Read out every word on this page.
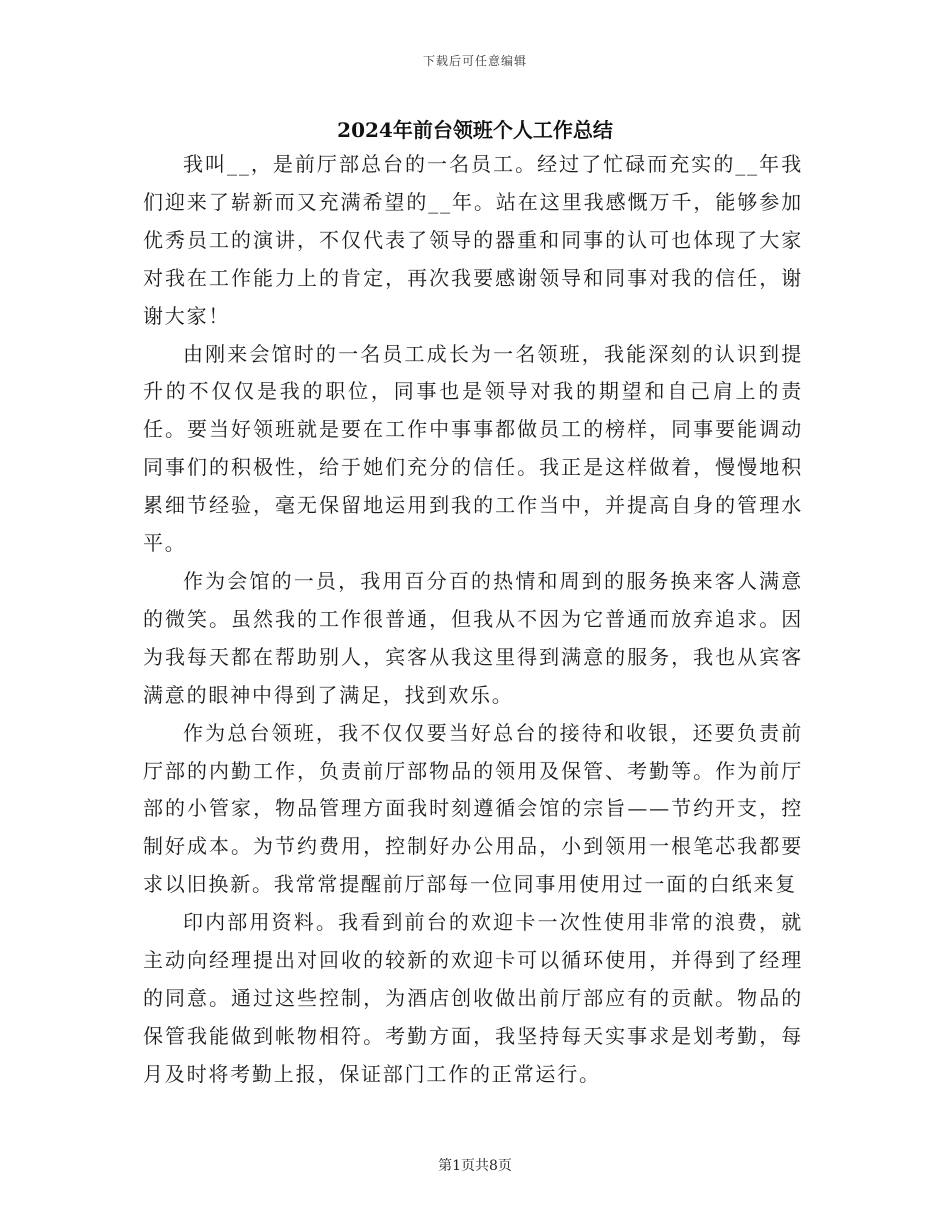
下载后可任意编辑
2024年前台领班个人工作总结

我叫__，是前厅部总台的一名员工。经过了忙碌而充实的__年我们迎来了崭新而又充满希望的__年。站在这里我感慨万千，能够参加优秀员工的演讲，不仅代表了领导的器重和同事的认可也体现了大家对我在工作能力上的肯定，再次我要感谢领导和同事对我的信任，谢谢大家！

由刚来会馆时的一名员工成长为一名领班，我能深刻的认识到提升的不仅仅是我的职位，同事也是领导对我的期望和自己肩上的责任。要当好领班就是要在工作中事事都做员工的榜样，同事要能调动同事们的积极性，给于她们充分的信任。我正是这样做着，慢慢地积累细节经验，毫无保留地运用到我的工作当中，并提高自身的管理水平。

作为会馆的一员，我用百分百的热情和周到的服务换来客人满意的微笑。虽然我的工作很普通，但我从不因为它普通而放弃追求。因为我每天都在帮助别人，宾客从我这里得到满意的服务，我也从宾客满意的眼神中得到了满足，找到欢乐。

作为总台领班，我不仅仅要当好总台的接待和收银，还要负责前厅部的内勤工作，负责前厅部物品的领用及保管、考勤等。作为前厅部的小管家，物品管理方面我时刻遵循会馆的宗旨——节约开支，控制好成本。为节约费用，控制好办公用品，小到领用一根笔芯我都要求以旧换新。我常常提醒前厅部每一位同事用使用过一面的白纸来复

印内部用资料。我看到前台的欢迎卡一次性使用非常的浪费，就主动向经理提出对回收的较新的欢迎卡可以循环使用，并得到了经理的同意。通过这些控制，为酒店创收做出前厅部应有的贡献。物品的保管我能做到帐物相符。考勤方面，我坚持每天实事求是划考勤，每月及时将考勤上报，保证部门工作的正常运行。

第1页共8页
